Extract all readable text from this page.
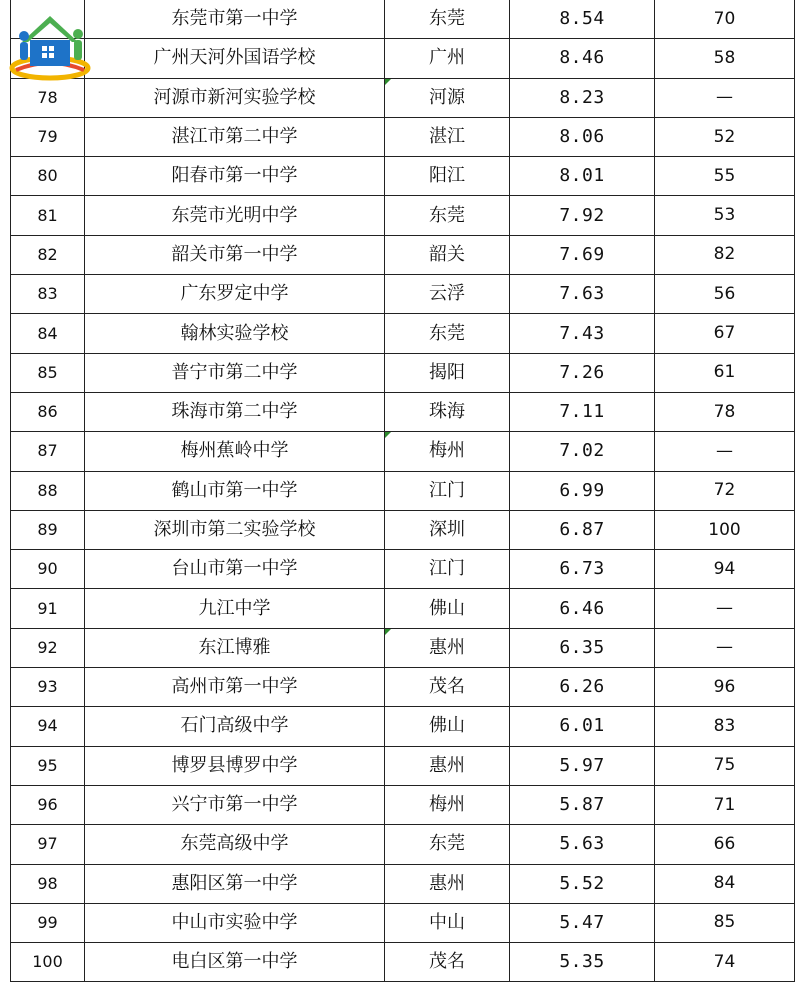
	东莞市第一中学	东莞	8.54	70
	广州天河外国语学校	广州	8.46	58
78	河源市新河实验学校	河源	8.23	—
79	湛江市第二中学	湛江	8.06	52
80	阳春市第一中学	阳江	8.01	55
81	东莞市光明中学	东莞	7.92	53
82	韶关市第一中学	韶关	7.69	82
83	广东罗定中学	云浮	7.63	56
84	翰林实验学校	东莞	7.43	67
85	普宁市第二中学	揭阳	7.26	61
86	珠海市第二中学	珠海	7.11	78
87	梅州蕉岭中学	梅州	7.02	—
88	鹤山市第一中学	江门	6.99	72
89	深圳市第二实验学校	深圳	6.87	100
90	台山市第一中学	江门	6.73	94
91	九江中学	佛山	6.46	—
92	东江博雅	惠州	6.35	—
93	高州市第一中学	茂名	6.26	96
94	石门高级中学	佛山	6.01	83
95	博罗县博罗中学	惠州	5.97	75
96	兴宁市第一中学	梅州	5.87	71
97	东莞高级中学	东莞	5.63	66
98	惠阳区第一中学	惠州	5.52	84
99	中山市实验中学	中山	5.47	85
100	电白区第一中学	茂名	5.35	74
